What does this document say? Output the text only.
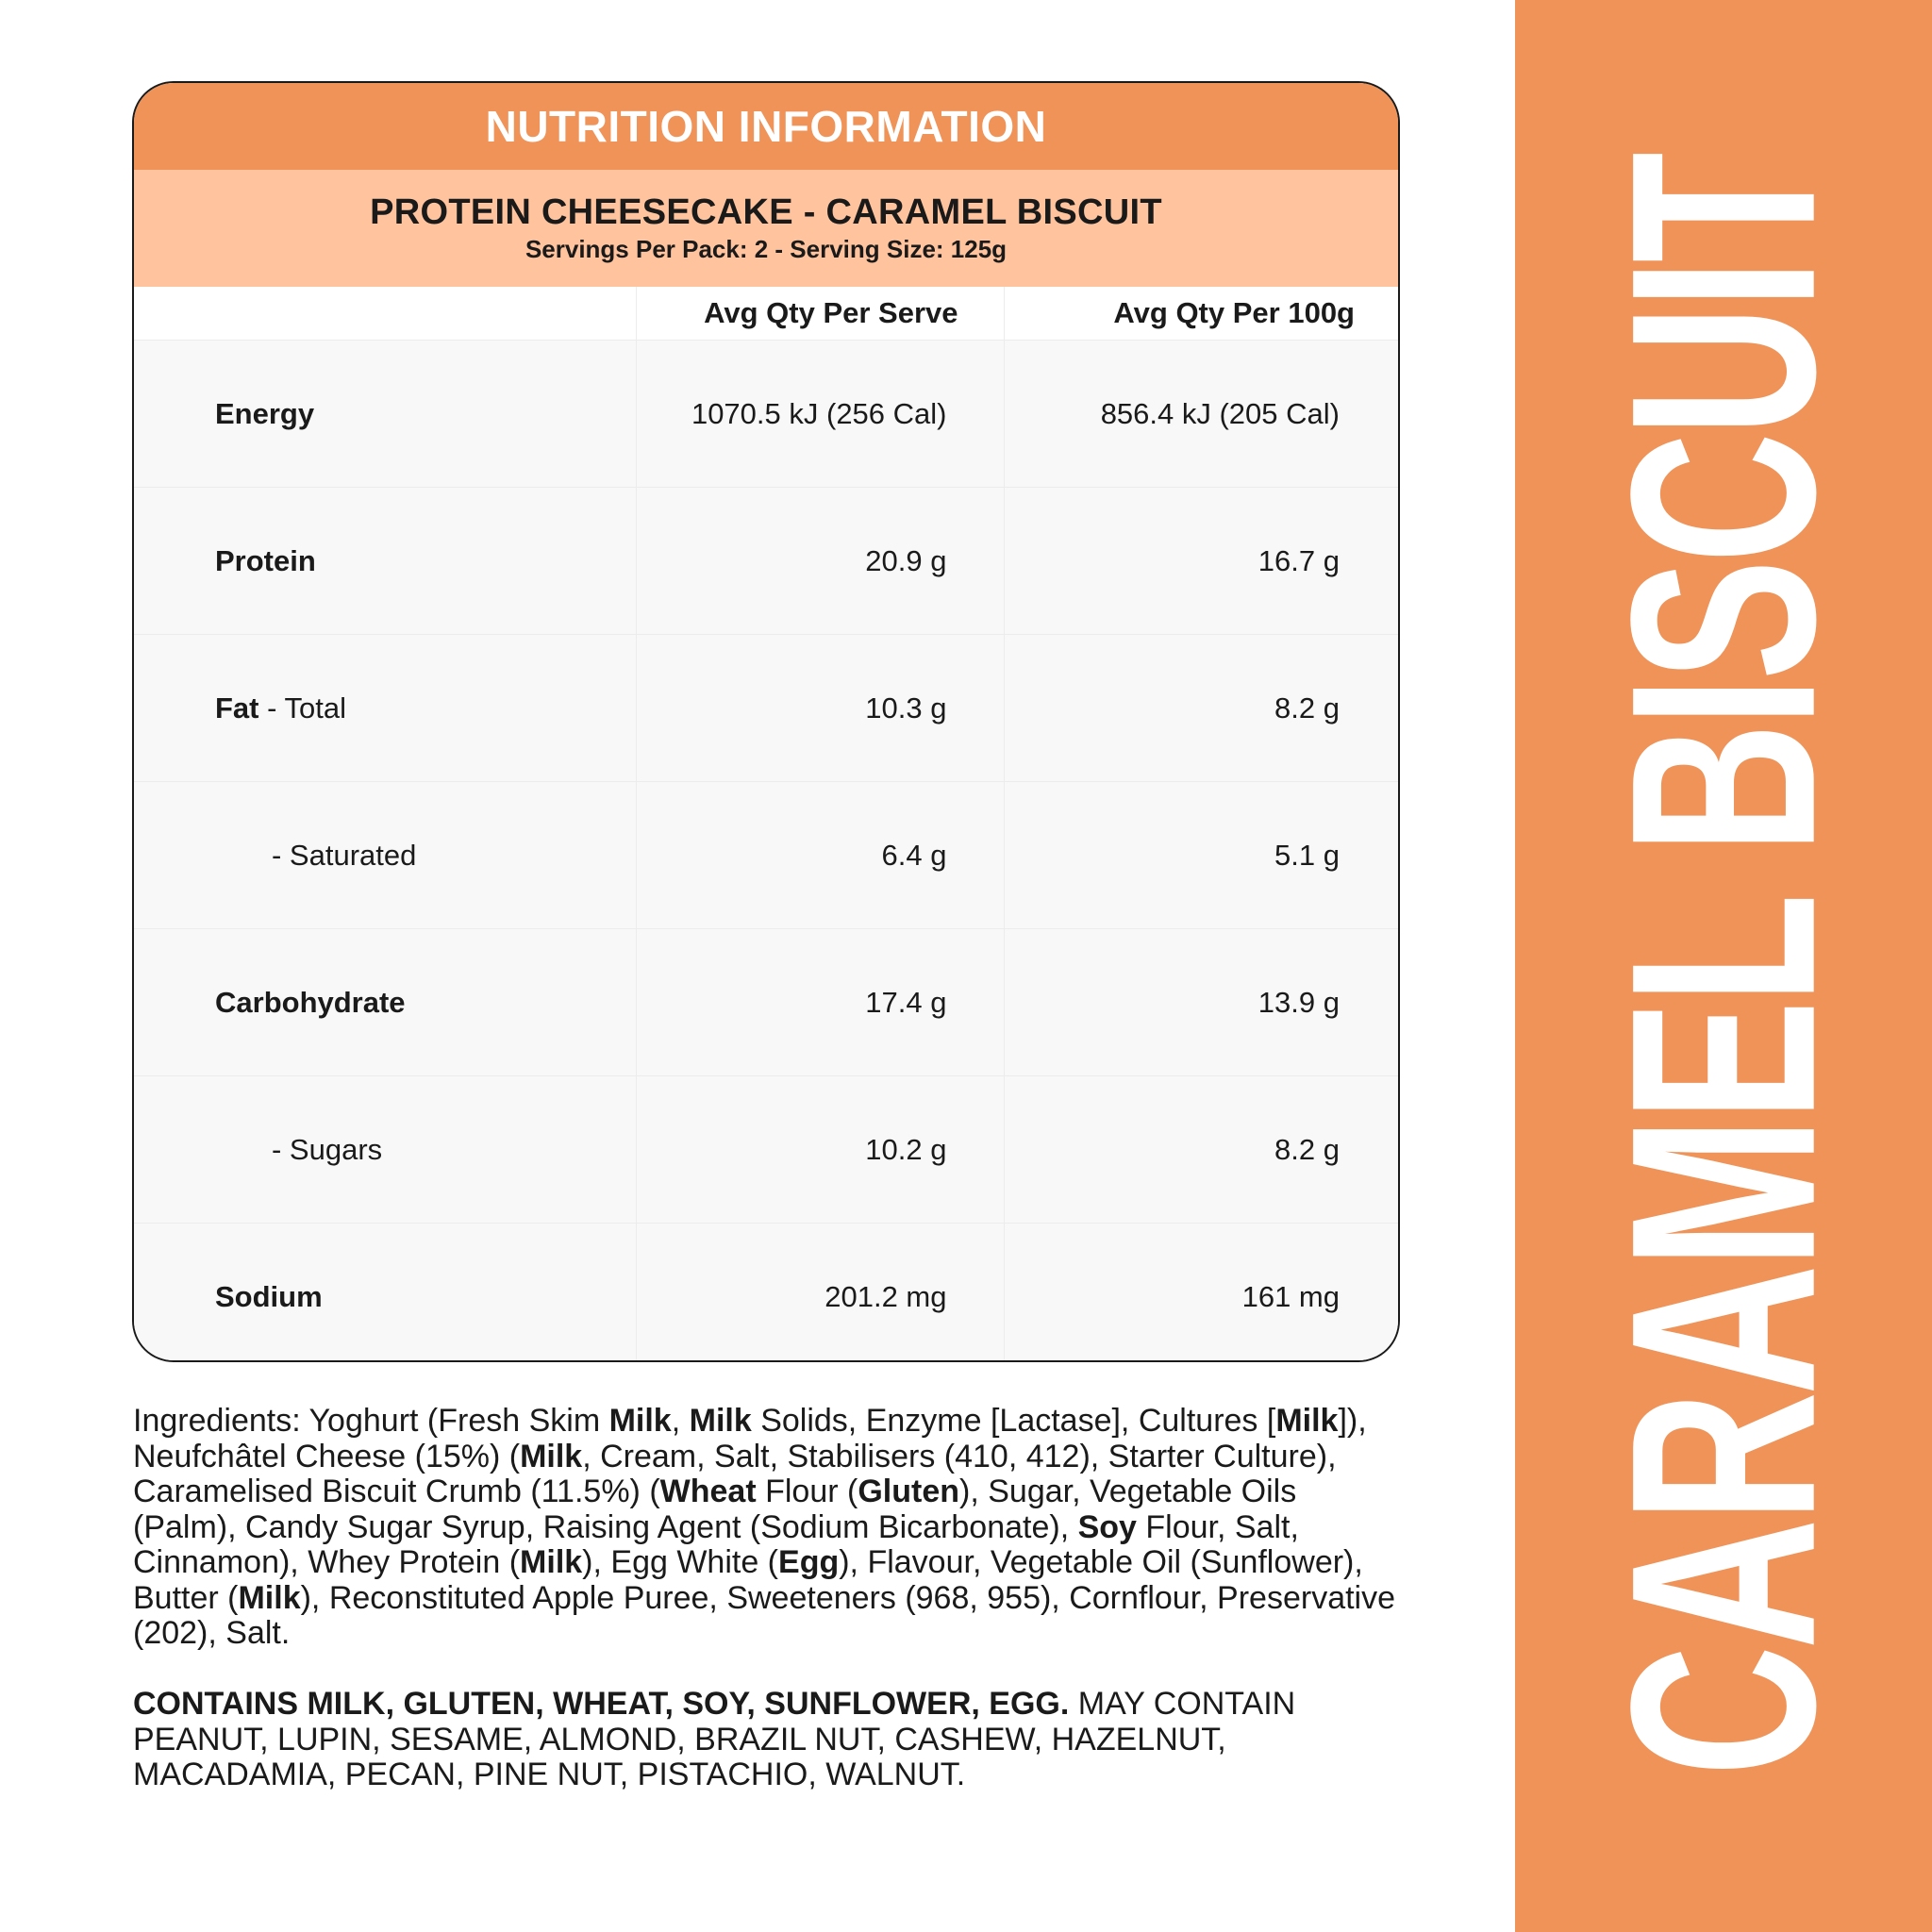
NUTRITION INFORMATION
PROTEIN CHEESECAKE - CARAMEL BISCUIT
Servings Per Pack: 2 - Serving Size: 125g
	Avg Qty Per Serve	Avg Qty Per 100g
Energy	1070.5 kJ (256 Cal)	856.4 kJ (205 Cal)
Protein	20.9 g	16.7 g
Fat - Total	10.3 g	8.2 g
- Saturated	6.4 g	5.1 g
Carbohydrate	17.4 g	13.9 g
- Sugars	10.2 g	8.2 g
Sodium	201.2 mg	161 mg
Ingredients: Yoghurt (Fresh Skim Milk, Milk Solids, Enzyme [Lactase], Cultures [Milk]), Neufchâtel Cheese (15%) (Milk, Cream, Salt, Stabilisers (410, 412), Starter Culture), Caramelised Biscuit Crumb (11.5%) (Wheat Flour (Gluten), Sugar, Vegetable Oils (Palm), Candy Sugar Syrup, Raising Agent (Sodium Bicarbonate), Soy Flour, Salt, Cinnamon), Whey Protein (Milk), Egg White (Egg), Flavour, Vegetable Oil (Sunflower), Butter (Milk), Reconstituted Apple Puree, Sweeteners (968, 955), Cornflour, Preservative (202), Salt.
CONTAINS MILK, GLUTEN, WHEAT, SOY, SUNFLOWER, EGG. MAY CONTAIN PEANUT, LUPIN, SESAME, ALMOND, BRAZIL NUT, CASHEW, HAZELNUT, MACADAMIA, PECAN, PINE NUT, PISTACHIO, WALNUT.	CARAMEL BISCUIT
